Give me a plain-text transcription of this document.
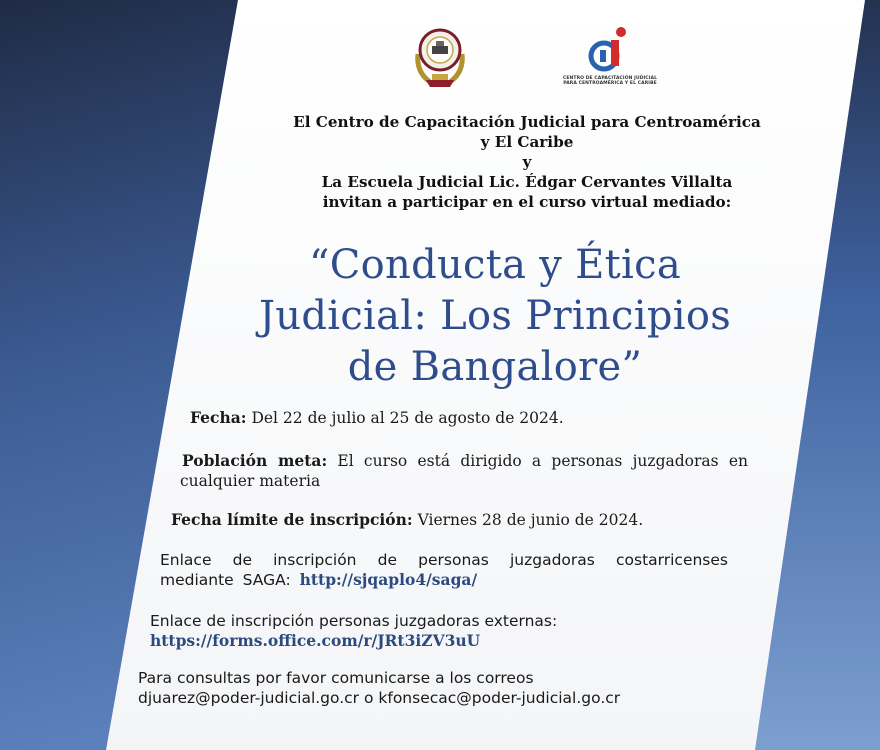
CENTRO DE CAPACITACIÓN JUDICIAL
PARA CENTROAMÉRICA Y EL CARIBE
El Centro de Capacitación Judicial para Centroamérica
y El Caribe
y
La Escuela Judicial Lic. Édgar Cervantes Villalta
invitan a participar en el curso virtual mediado:
“Conducta y Ética
Judicial: Los Principios
de Bangalore”
Fecha: Del 22 de julio al 25 de agosto de 2024.
Población meta: El curso está dirigido a personas juzgadoras en cualquier materia
Fecha límite de inscripción: Viernes 28 de junio de 2024.
Enlace de inscripción de personas juzgadoras costarricenses mediante SAGA: http://sjqaplo4/saga/
Enlace de inscripción personas juzgadoras externas:
https://forms.office.com/r/JRt3iZV3uU
Para consultas por favor comunicarse a los correos
djuarez@poder-judicial.go.cr o kfonsecac@poder-judicial.go.cr
